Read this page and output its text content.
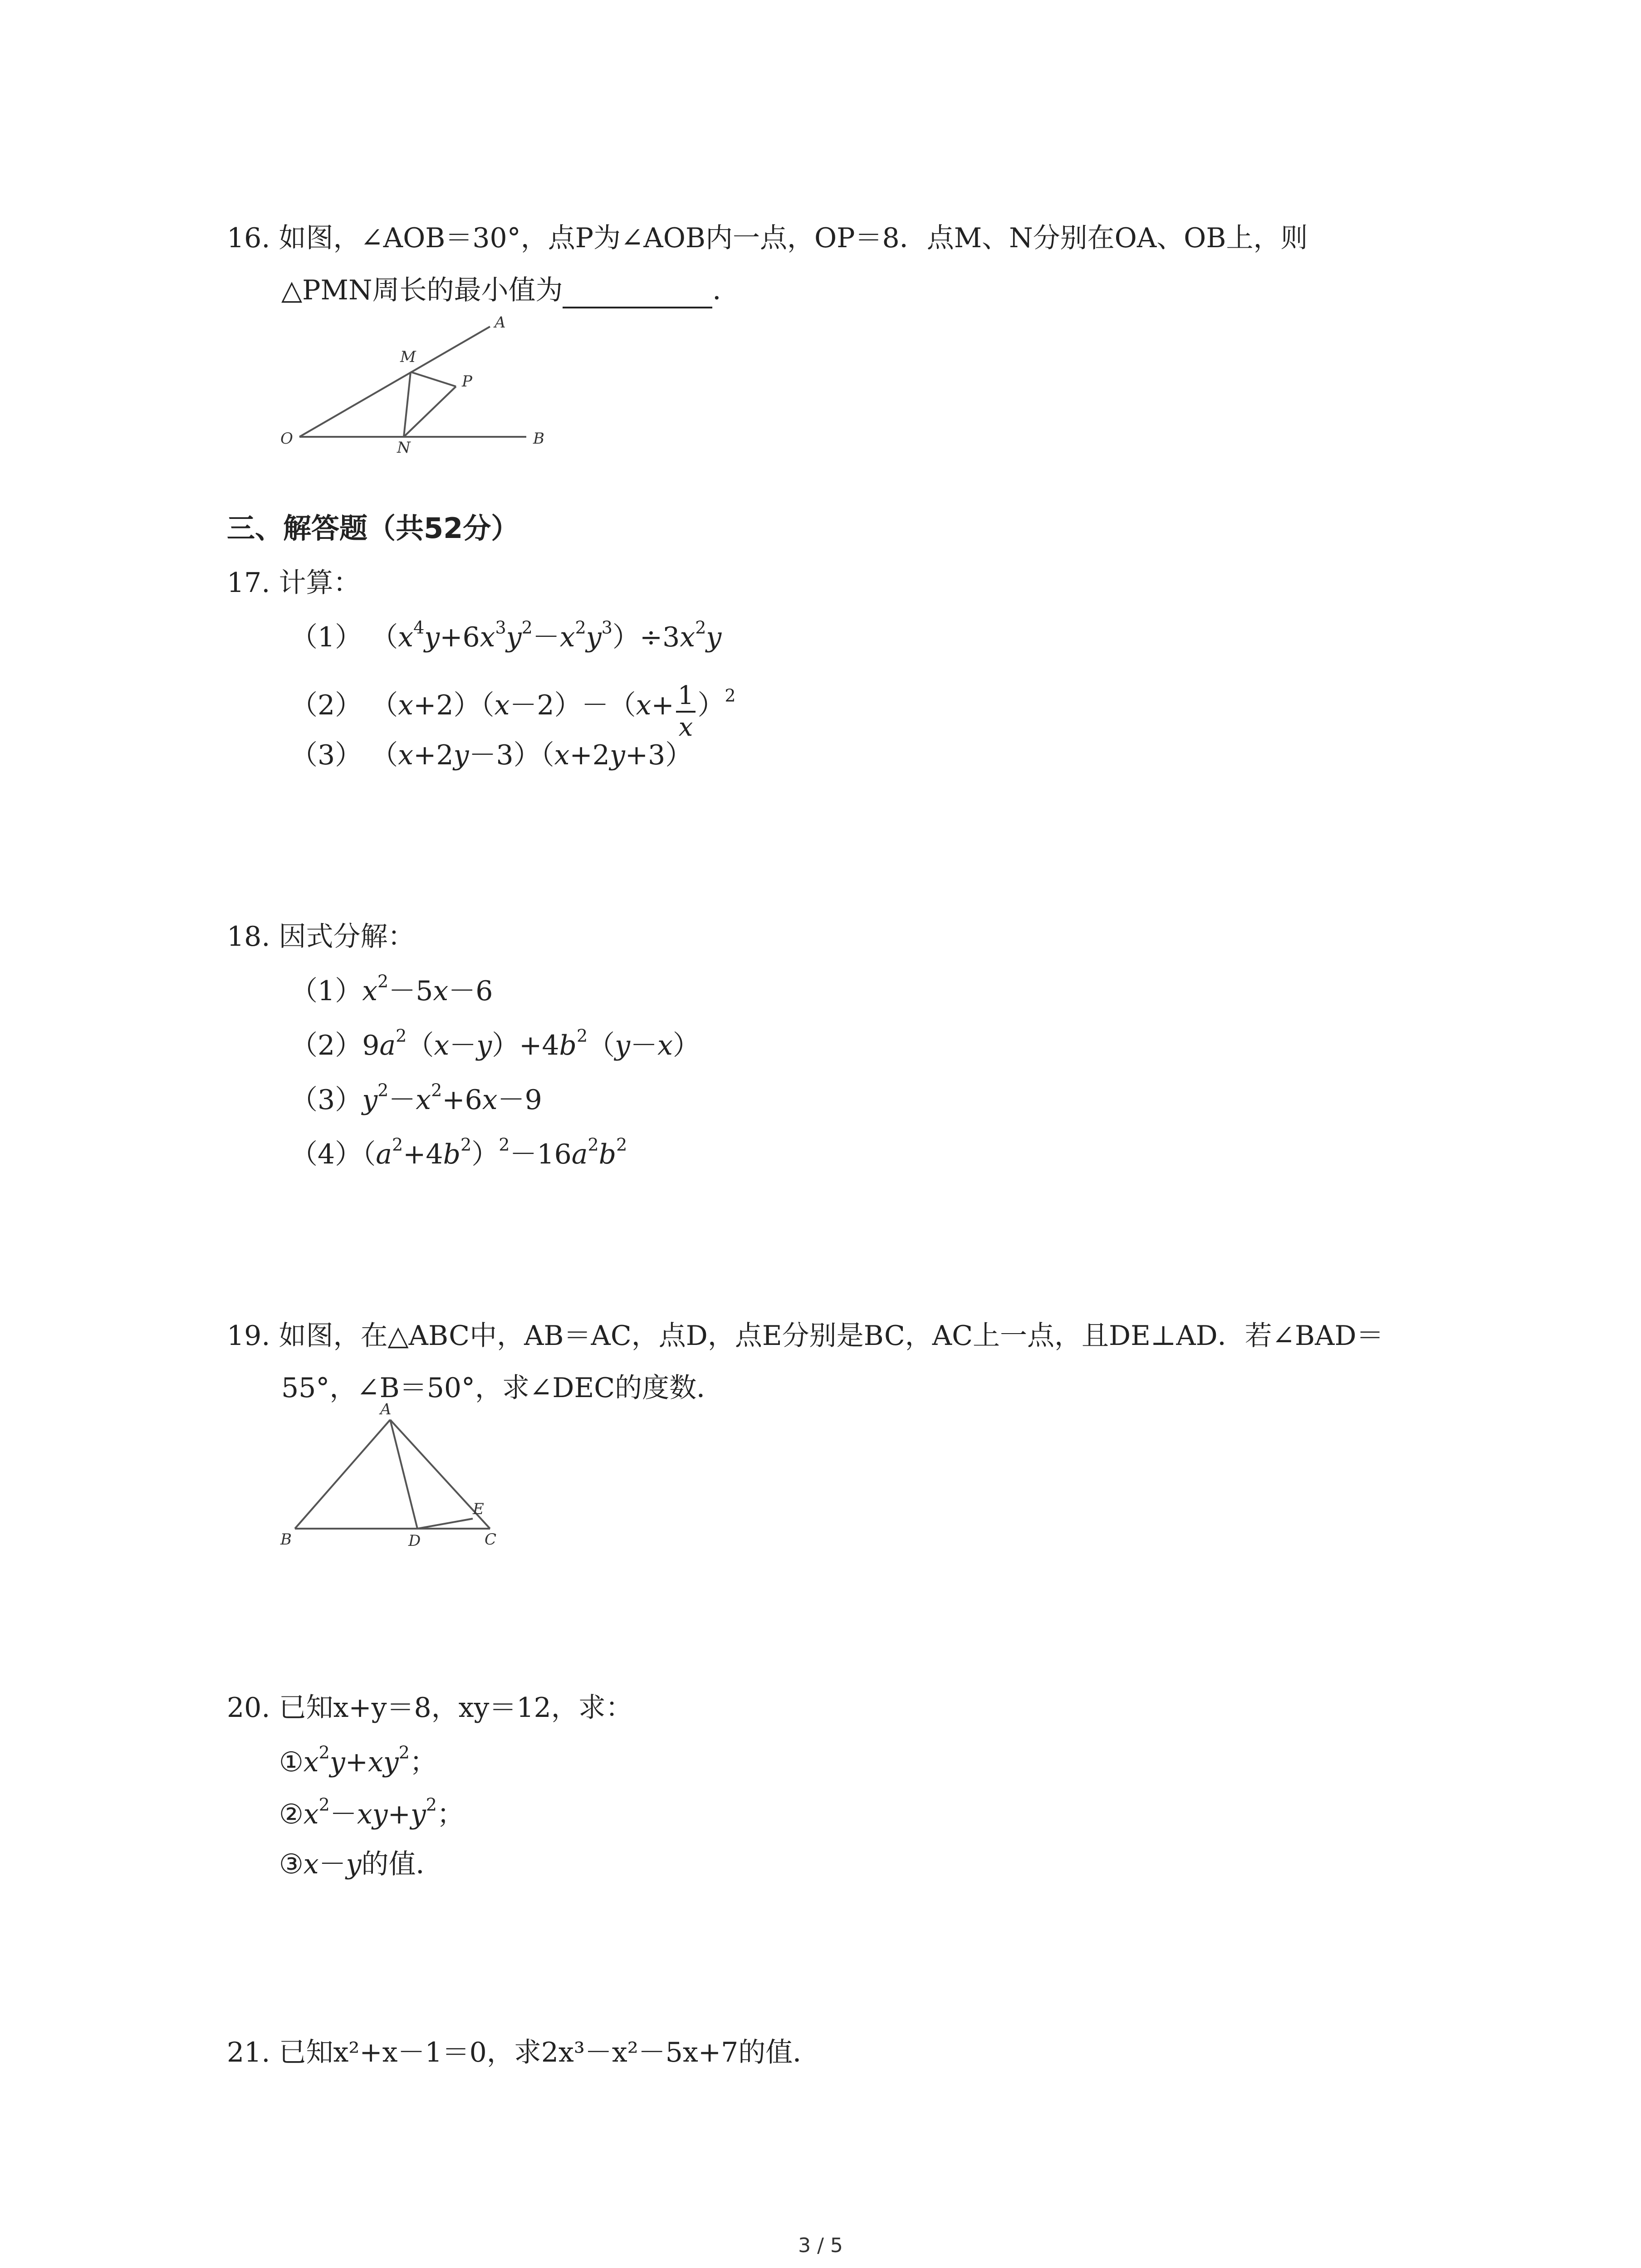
16. 如图，∠AOB＝30°，点P为∠AOB内一点，OP＝8．点M、N分别在OA、OB上，则
△PMN周长的最小值为	．
O
A
B
M
N
P
三、解答题（共52分）
17. 计算：
（1） $(x^4y+6x^3y^2-x^2y^3)\div 3x^2y$
（2） $(x+2)(x-2)-(x+ \frac{1}{x} )^2$
（3） （x+2y－3）（x+2y+3）
18. 因式分解：
$(1)x^2-5x-6$
$(2)9a^2(x-y)+4b^2(y-x)$
$(3)y^2-x^2+6x-9$
$(4)(a^2+4b^2)^2-16a^2b^2$
19. 如图，在△ABC中，AB＝AC，点D，点E分别是BC，AC上一点，且DE⊥AD．若∠BAD＝
55°，∠B＝50°，求∠DEC的度数．
A
B	C
D
E
20. 已知x+y＝8，xy＝12，求：
$①x^2y+xy^2$；
$②x^2-xy+y^2$；
③x－y的值．
21. 已知x²+x－1＝0，求2x³－x²－5x+7的值．
3 / 5
